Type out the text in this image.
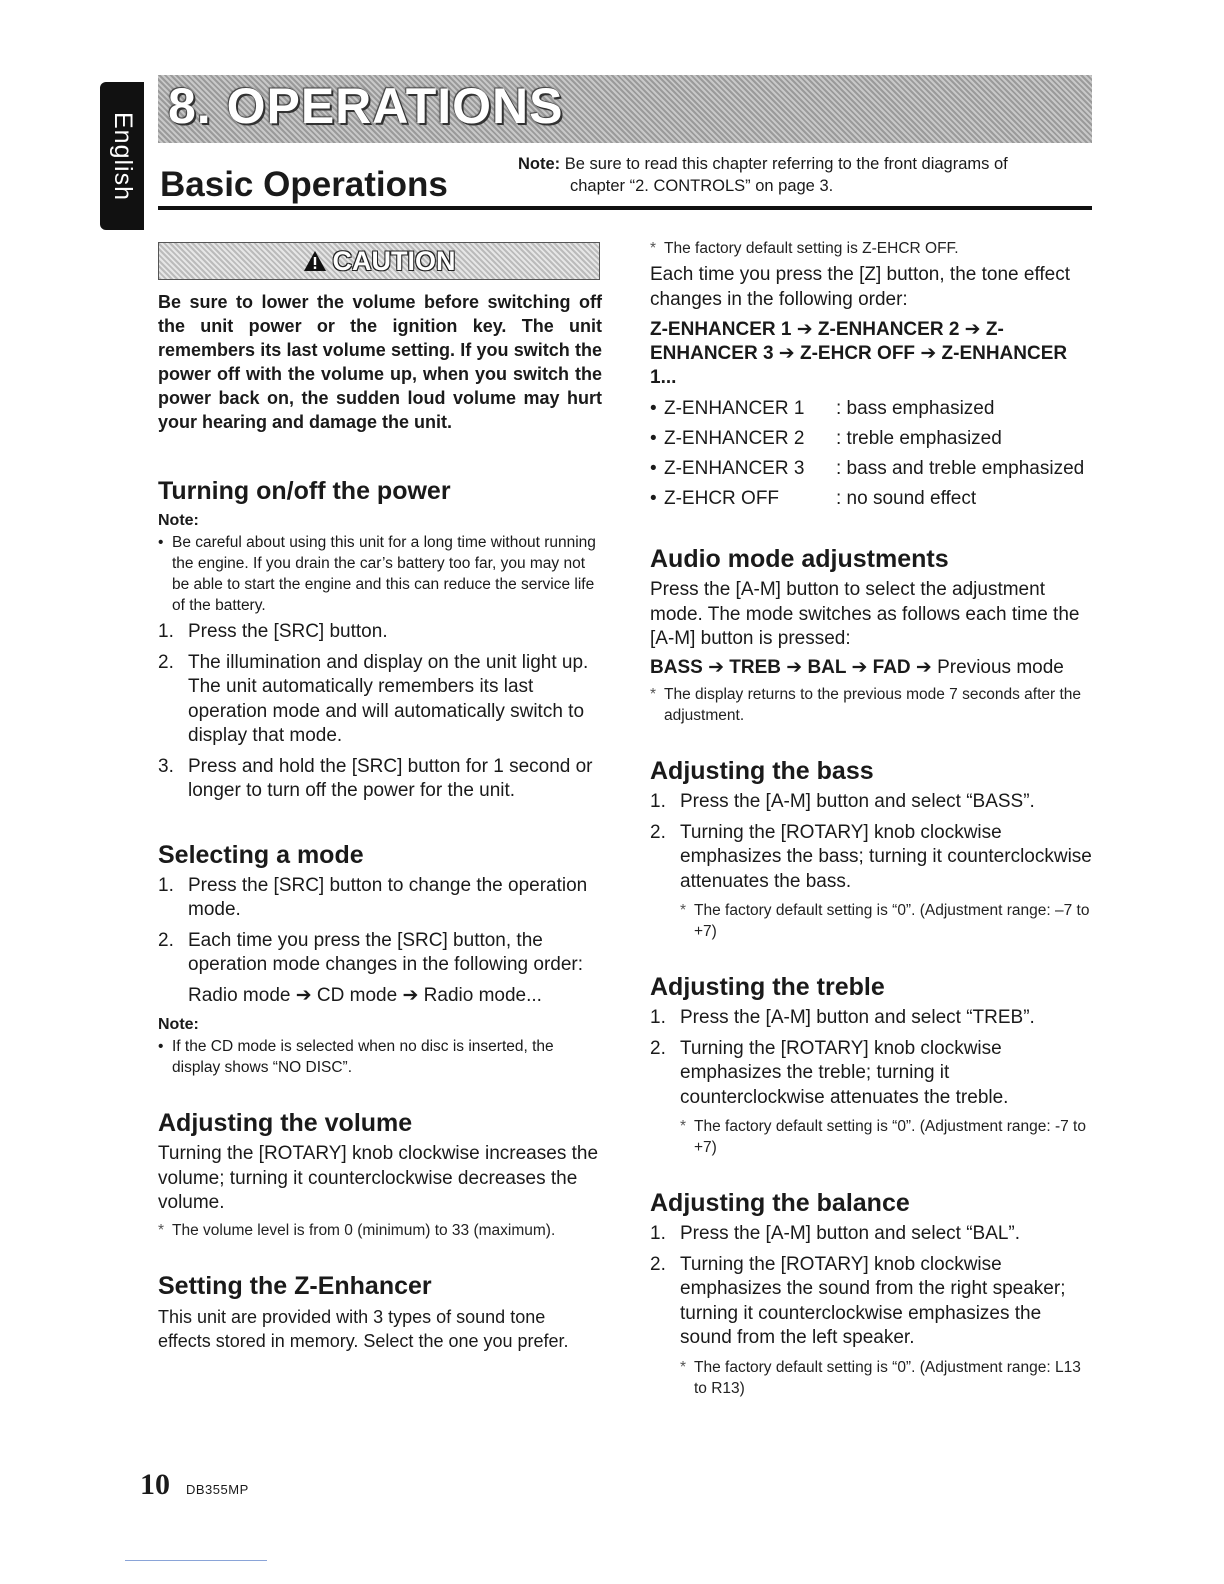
English
8. OPERATIONS
Basic Operations
Note: Be sure to read this chapter referring to the front diagrams of
chapter “2. CONTROLS” on page 3.
CAUTION

Be sure to lower the volume before switching off the unit power or the ignition key. The unit remembers its last volume setting. If you switch the power off with the volume up, when you switch the power back on, the sudden loud volume may hurt your hearing and damage the unit.

Turning on/off the power
Note:
• Be careful about using this unit for a long time without running the engine. If you drain the car’s battery too far, you may not be able to start the engine and this can reduce the service life of the battery.
1. Press the [SRC] button.
2. The illumination and display on the unit light up. The unit automatically remembers its last operation mode and will automatically switch to display that mode.
3. Press and hold the [SRC] button for 1 second or longer to turn off the power for the unit.
Selecting a mode
1. Press the [SRC] button to change the operation mode.
2. Each time you press the [SRC] button, the operation mode changes in the following order:

Radio mode ➔ CD mode ➔ Radio mode...

Note:
• If the CD mode is selected when no disc is inserted, the display shows “NO DISC”.
Adjusting the volume

Turning the [ROTARY] knob clockwise increases the volume; turning it counterclockwise decreases the volume.

* The volume level is from 0 (minimum) to 33 (maximum).

Setting the Z-Enhancer

This unit are provided with 3 types of sound tone effects stored in memory. Select the one you prefer.

* The factory default setting is Z-EHCR OFF.

Each time you press the [Z] button, the tone effect changes in the following order:

Z-ENHANCER 1 ➔ Z-ENHANCER 2 ➔ Z-ENHANCER 3 ➔ Z-EHCR OFF ➔ Z-ENHANCER 1...

• Z-ENHANCER 1	: bass emphasized
• Z-ENHANCER 2	: treble emphasized
• Z-ENHANCER 3	: bass and treble emphasized
• Z-EHCR OFF	: no sound effect
Audio mode adjustments

Press the [A-M] button to select the adjustment mode. The mode switches as follows each time the [A-M] button is pressed:

BASS ➔ TREB ➔ BAL ➔ FAD ➔ Previous mode

* The display returns to the previous mode 7 seconds after the adjustment.

Adjusting the bass
1. Press the [A-M] button and select “BASS”.
2. Turning the [ROTARY] knob clockwise emphasizes the bass; turning it counterclockwise attenuates the bass.

* The factory default setting is “0”. (Adjustment range: –7 to +7)

Adjusting the treble
1. Press the [A-M] button and select “TREB”.
2. Turning the [ROTARY] knob clockwise emphasizes the treble; turning it counterclockwise attenuates the treble.

* The factory default setting is “0”. (Adjustment range: -7 to +7)

Adjusting the balance
1. Press the [A-M] button and select “BAL”.
2. Turning the [ROTARY] knob clockwise emphasizes the sound from the right speaker; turning it counterclockwise emphasizes the sound from the left speaker.

* The factory default setting is “0”. (Adjustment range: L13 to R13)

10 DB355MP
